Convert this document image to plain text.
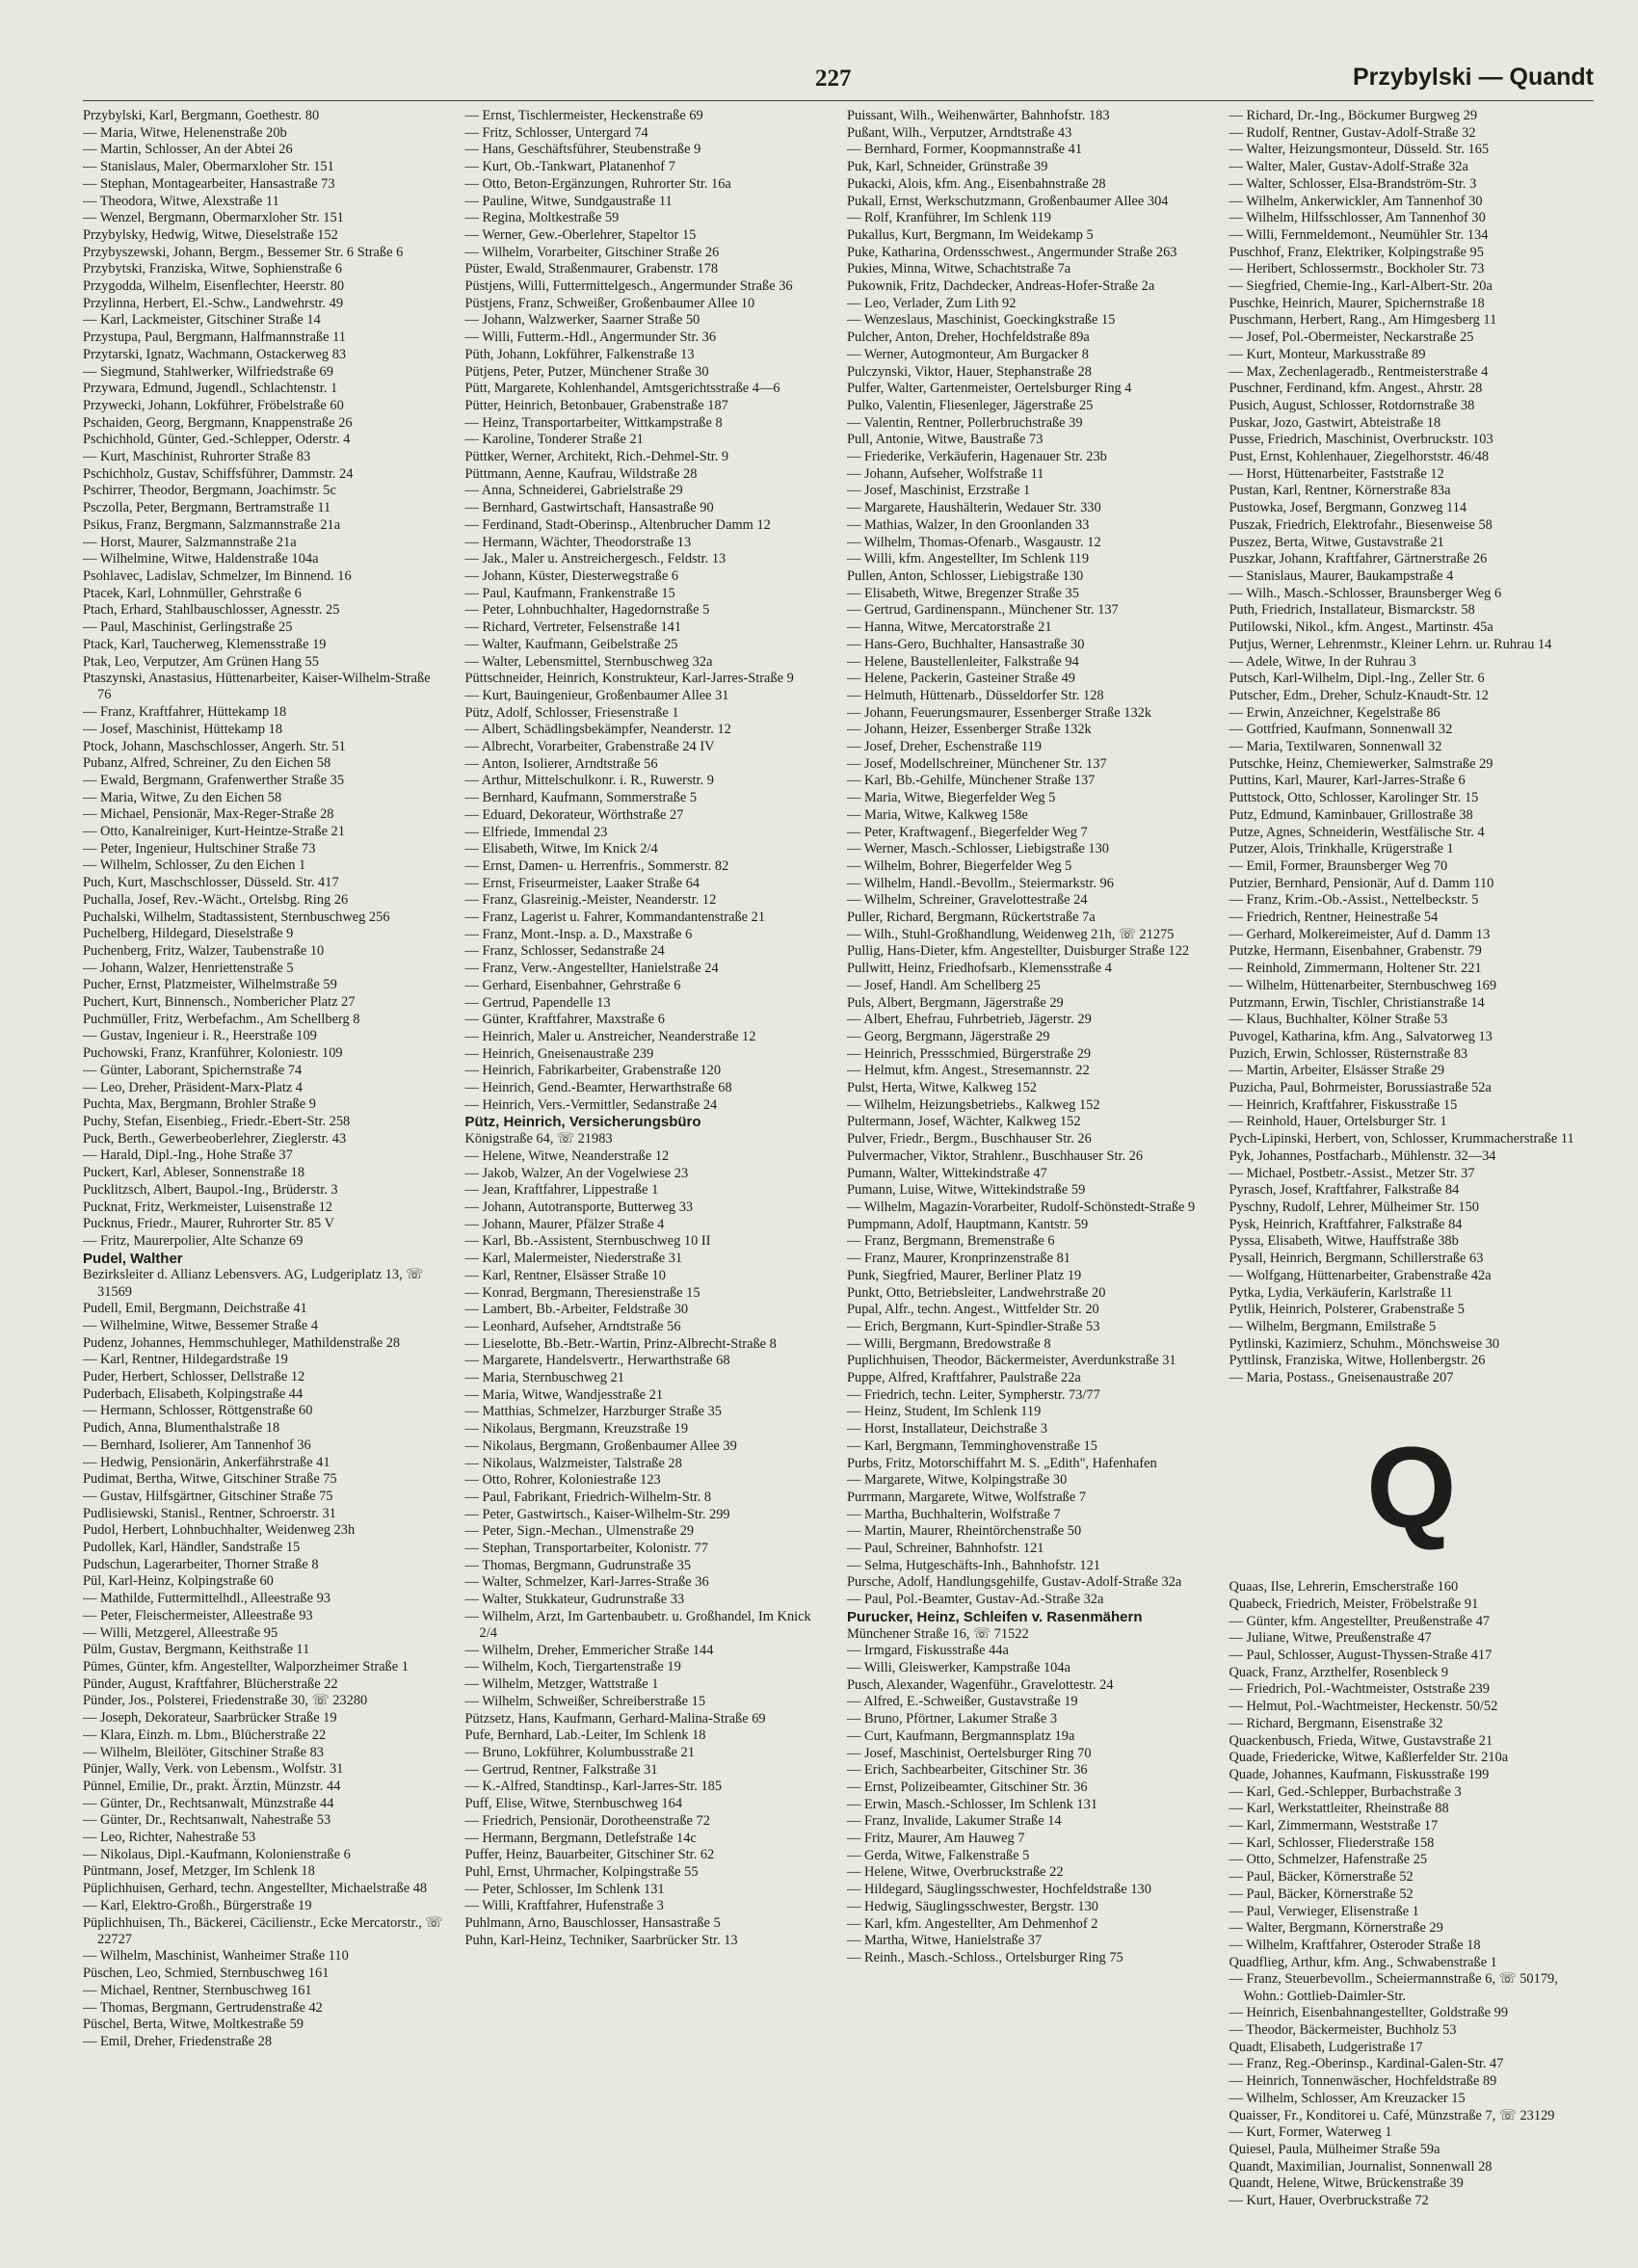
227	Przybylski — Quandt
Przybylski, Karl, Bergmann, Goethestr. 80
— Maria, Witwe, Helenenstraße 20b
— Martin, Schlosser, An der Abtei 26
— Stanislaus, Maler, Obermarxloher Str. 151
— Stephan, Montagearbeiter, Hansastraße 73
— Theodora, Witwe, Alexstraße 11
— Wenzel, Bergmann, Obermarxloher Str. 151
Przybylsky, Hedwig, Witwe, Dieselstraße 152
Przybyszewski, Johann, Bergm., Bessemer Str. 6 Straße 6
Przybytski, Franziska, Witwe, Sophienstraße 6
Przygodda, Wilhelm, Eisenflechter, Heerstr. 80
Przylinna, Herbert, El.-Schw., Landwehrstr. 49
— Karl, Lackmeister, Gitschiner Straße 14
Przystupa, Paul, Bergmann, Halfmannstraße 11
Przytarski, Ignatz, Wachmann, Ostackerweg 83
— Siegmund, Stahlwerker, Wilfriedstraße 69
Przywara, Edmund, Jugendl., Schlachtenstr. 1
Przywecki, Johann, Lokführer, Fröbelstraße 60
Pschaiden, Georg, Bergmann, Knappenstraße 26
Pschichhold, Günter, Ged.-Schlepper, Oderstr. 4
— Kurt, Maschinist, Ruhrorter Straße 83
Pschichholz, Gustav, Schiffsführer, Dammstr. 24
Pschirrer, Theodor, Bergmann, Joachimstr. 5c
Psczolla, Peter, Bergmann, Bertramstraße 11
Psikus, Franz, Bergmann, Salzmannstraße 21a
— Horst, Maurer, Salzmannstraße 21a
— Wilhelmine, Witwe, Haldenstraße 104a
Psohlavec, Ladislav, Schmelzer, Im Binnend. 16
Ptacek, Karl, Lohnmüller, Gehrstraße 6
Ptach, Erhard, Stahlbauschlosser, Agnesstr. 25
— Paul, Maschinist, Gerlingstraße 25
Ptack, Karl, Taucherweg, Klemensstraße 19
Ptak, Leo, Verputzer, Am Grünen Hang 55
Ptaszynski, Anastasius, Hüttenarbeiter, Kaiser-Wilhelm-Straße 76
— Franz, Kraftfahrer, Hüttekamp 18
— Josef, Maschinist, Hüttekamp 18
Ptock, Johann, Maschschlosser, Angerh. Str. 51
Pubanz, Alfred, Schreiner, Zu den Eichen 58
— Ewald, Bergmann, Grafenwerther Straße 35
— Maria, Witwe, Zu den Eichen 58
— Michael, Pensionär, Max-Reger-Straße 28
— Otto, Kanalreiniger, Kurt-Heintze-Straße 21
— Peter, Ingenieur, Hultschiner Straße 73
— Wilhelm, Schlosser, Zu den Eichen 1
Puch, Kurt, Maschschlosser, Düsseld. Str. 417
Puchalla, Josef, Rev.-Wächt., Ortelsbg. Ring 26
Puchalski, Wilhelm, Stadtassistent, Sternbuschweg 256
Puchelberg, Hildegard, Dieselstraße 9
Puchenberg, Fritz, Walzer, Taubenstraße 10
— Johann, Walzer, Henriettenstraße 5
Pucher, Ernst, Platzmeister, Wilhelmstraße 59
Puchert, Kurt, Binnensch., Nombericher Platz 27
Puchmüller, Fritz, Werbefachm., Am Schellberg 8
— Gustav, Ingenieur i. R., Heerstraße 109
Puchowski, Franz, Kranführer, Koloniestr. 109
— Günter, Laborant, Spichernstraße 74
— Leo, Dreher, Präsident-Marx-Platz 4
Puchta, Max, Bergmann, Brohler Straße 9
Puchy, Stefan, Eisenbieg., Friedr.-Ebert-Str. 258
Puck, Berth., Gewerbeoberlehrer, Zieglerstr. 43
— Harald, Dipl.-Ing., Hohe Straße 37
Puckert, Karl, Ableser, Sonnenstraße 18
Pucklitzsch, Albert, Baupol.-Ing., Brüderstr. 3
Pucknat, Fritz, Werkmeister, Luisenstraße 12
Pucknus, Friedr., Maurer, Ruhrorter Str. 85 V
— Fritz, Maurerpolier, Alte Schanze 69
Pudel, Walther
Bezirksleiter d. Allianz Lebensvers. AG, Ludgeriplatz 13, ☏ 31569
Pudell, Emil, Bergmann, Deichstraße 41
— Wilhelmine, Witwe, Bessemer Straße 4
Pudenz, Johannes, Hemmschuhleger, Mathildenstraße 28
— Karl, Rentner, Hildegardstraße 19
Puder, Herbert, Schlosser, Dellstraße 12
Puderbach, Elisabeth, Kolpingstraße 44
— Hermann, Schlosser, Röttgenstraße 60
Pudich, Anna, Blumenthalstraße 18
— Bernhard, Isolierer, Am Tannenhof 36
— Hedwig, Pensionärin, Ankerfährstraße 41
Pudimat, Bertha, Witwe, Gitschiner Straße 75
— Gustav, Hilfsgärtner, Gitschiner Straße 75
Pudlisiewski, Stanisl., Rentner, Schroerstr. 31
Pudol, Herbert, Lohnbuchhalter, Weidenweg 23h
Pudollek, Karl, Händler, Sandstraße 15
Pudschun, Lagerarbeiter, Thorner Straße 8
Pül, Karl-Heinz, Kolpingstraße 60
— Mathilde, Futtermittelhdl., Alleestraße 93
— Peter, Fleischermeister, Alleestraße 93
— Willi, Metzgerel, Alleestraße 95
Pülm, Gustav, Bergmann, Keithstraße 11
Pümes, Günter, kfm. Angestellter, Walporzheimer Straße 1
Pünder, August, Kraftfahrer, Blücherstraße 22
Pünder, Jos., Polsterei, Friedenstraße 30, ☏ 23280
— Joseph, Dekorateur, Saarbrücker Straße 19
— Klara, Einzh. m. Lbm., Blücherstraße 22
— Wilhelm, Bleilöter, Gitschiner Straße 83
Pünjer, Wally, Verk. von Lebensm., Wolfstr. 31
Pünnel, Emilie, Dr., prakt. Ärztin, Münzstr. 44
— Günter, Dr., Rechtsanwalt, Münzstraße 44
— Günter, Dr., Rechtsanwalt, Nahestraße 53
— Leo, Richter, Nahestraße 53
— Nikolaus, Dipl.-Kaufmann, Kolonienstraße 6
Püntmann, Josef, Metzger, Im Schlenk 18
Püplichhuisen, Gerhard, techn. Angestellter, Michaelstraße 48
— Karl, Elektro-Großh., Bürgerstraße 19
Püplichhuisen, Th., Bäckerei, Cäcilienstr., Ecke Mercatorstr., ☏ 22727
— Wilhelm, Maschinist, Wanheimer Straße 110
Püschen, Leo, Schmied, Sternbuschweg 161
— Michael, Rentner, Sternbuschweg 161
— Thomas, Bergmann, Gertrudenstraße 42
Püschel, Berta, Witwe, Moltkestraße 59
— Emil, Dreher, Friedenstraße 28
— Ernst, Tischlermeister, Heckenstraße 69
— Fritz, Schlosser, Untergard 74
— Hans, Geschäftsführer, Steubenstraße 9
— Kurt, Ob.-Tankwart, Platanenhof 7
— Otto, Beton-Ergänzungen, Ruhrorter Str. 16a
— Pauline, Witwe, Sundgaustraße 11
— Regina, Moltkestraße 59
— Werner, Gew.-Oberlehrer, Stapeltor 15
— Wilhelm, Vorarbeiter, Gitschiner Straße 26
Püster, Ewald, Straßenmaurer, Grabenstr. 178
Püstjens, Willi, Futtermittelgesch., Angermunder Straße 36
Püstjens, Franz, Schweißer, Großenbaumer Allee 10
— Johann, Walzwerker, Saarner Straße 50
— Willi, Futterm.-Hdl., Angermunder Str. 36
Püth, Johann, Lokführer, Falkenstraße 13
Pütjens, Peter, Putzer, Münchener Straße 30
Pütt, Margarete, Kohlenhandel, Amtsgerichtsstraße 4—6
Pütter, Heinrich, Betonbauer, Grabenstraße 187
— Heinz, Transportarbeiter, Wittkampstraße 8
— Karoline, Tonderer Straße 21
Püttker, Werner, Architekt, Rich.-Dehmel-Str. 9
Püttmann, Aenne, Kaufrau, Wildstraße 28
— Anna, Schneiderei, Gabrielstraße 29
— Bernhard, Gastwirtschaft, Hansastraße 90
— Ferdinand, Stadt-Oberinsp., Altenbrucher Damm 12
— Hermann, Wächter, Theodorstraße 13
— Jak., Maler u. Anstreichergesch., Feldstr. 13
— Johann, Küster, Diesterwegstraße 6
— Paul, Kaufmann, Frankenstraße 15
— Peter, Lohnbuchhalter, Hagedornstraße 5
— Richard, Vertreter, Felsenstraße 141
— Walter, Kaufmann, Geibelstraße 25
— Walter, Lebensmittel, Sternbuschweg 32a
Püttschneider, Heinrich, Konstrukteur, Karl-Jarres-Straße 9
— Kurt, Bauingenieur, Großenbaumer Allee 31
Pütz, Adolf, Schlosser, Friesenstraße 1
— Albert, Schädlingsbekämpfer, Neanderstr. 12
— Albrecht, Vorarbeiter, Grabenstraße 24 IV
— Anton, Isolierer, Arndtstraße 56
— Arthur, Mittelschulkonr. i. R., Ruwerstr. 9
— Bernhard, Kaufmann, Sommerstraße 5
— Eduard, Dekorateur, Wörthstraße 27
— Elfriede, Immendal 23
— Elisabeth, Witwe, Im Knick 2/4
— Ernst, Damen- u. Herrenfris., Sommerstr. 82
— Ernst, Friseurmeister, Laaker Straße 64
— Franz, Glasreinig.-Meister, Neanderstr. 12
— Franz, Lagerist u. Fahrer, Kommandantenstraße 21
— Franz, Mont.-Insp. a. D., Maxstraße 6
— Franz, Schlosser, Sedanstraße 24
— Franz, Verw.-Angestellter, Hanielstraße 24
— Gerhard, Eisenbahner, Gehrstraße 6
— Gertrud, Papendelle 13
— Günter, Kraftfahrer, Maxstraße 6
— Heinrich, Maler u. Anstreicher, Neanderstraße 12
— Heinrich, Gneisenaustraße 239
— Heinrich, Fabrikarbeiter, Grabenstraße 120
— Heinrich, Gend.-Beamter, Herwarthstraße 68
— Heinrich, Vers.-Vermittler, Sedanstraße 24
Pütz, Heinrich, Versicherungsbüro
Königstraße 64, ☏ 21983
— Helene, Witwe, Neanderstraße 12
— Jakob, Walzer, An der Vogelwiese 23
— Jean, Kraftfahrer, Lippestraße 1
— Johann, Autotransporte, Butterweg 33
— Johann, Maurer, Pfälzer Straße 4
— Karl, Bb.-Assistent, Sternbuschweg 10 II
— Karl, Malermeister, Niederstraße 31
— Karl, Rentner, Elsässer Straße 10
— Konrad, Bergmann, Theresienstraße 15
— Lambert, Bb.-Arbeiter, Feldstraße 30
— Leonhard, Aufseher, Arndtstraße 56
— Lieselotte, Bb.-Betr.-Wartin, Prinz-Albrecht-Straße 8
— Margarete, Handelsvertr., Herwarthstraße 68
— Maria, Sternbuschweg 21
— Maria, Witwe, Wandjesstraße 21
— Matthias, Schmelzer, Harzburger Straße 35
— Nikolaus, Bergmann, Kreuzstraße 19
— Nikolaus, Bergmann, Großenbaumer Allee 39
— Nikolaus, Walzmeister, Talstraße 28
— Otto, Rohrer, Koloniestraße 123
— Paul, Fabrikant, Friedrich-Wilhelm-Str. 8
— Peter, Gastwirtsch., Kaiser-Wilhelm-Str. 299
— Peter, Sign.-Mechan., Ulmenstraße 29
— Stephan, Transportarbeiter, Kolonistr. 77
— Thomas, Bergmann, Gudrunstraße 35
— Walter, Schmelzer, Karl-Jarres-Straße 36
— Walter, Stukkateur, Gudrunstraße 33
— Wilhelm, Arzt, Im Gartenbaubetr. u. Großhandel, Im Knick 2/4
— Wilhelm, Dreher, Emmericher Straße 144
— Wilhelm, Koch, Tiergartenstraße 19
— Wilhelm, Metzger, Wattstraße 1
— Wilhelm, Schweißer, Schreiberstraße 15
Pützsetz, Hans, Kaufmann, Gerhard-Malina-Straße 69
Pufe, Bernhard, Lab.-Leiter, Im Schlenk 18
— Bruno, Lokführer, Kolumbusstraße 21
— Gertrud, Rentner, Falkstraße 31
— K.-Alfred, Standtinsp., Karl-Jarres-Str. 185
Puff, Elise, Witwe, Sternbuschweg 164
— Friedrich, Pensionär, Dorotheenstraße 72
— Hermann, Bergmann, Detlefstraße 14c
Puffer, Heinz, Bauarbeiter, Gitschiner Str. 62
Puhl, Ernst, Uhrmacher, Kolpingstraße 55
— Peter, Schlosser, Im Schlenk 131
— Willi, Kraftfahrer, Hufenstraße 3
Puhlmann, Arno, Bauschlosser, Hansastraße 5
Puhn, Karl-Heinz, Techniker, Saarbrücker Str. 13
Puissant, Wilh., Weihenwärter, Bahnhofstr. 183
Pußant, Wilh., Verputzer, Arndtstraße 43
— Bernhard, Former, Koopmannstraße 41
Puk, Karl, Schneider, Grünstraße 39
Pukacki, Alois, kfm. Ang., Eisenbahnstraße 28
Pukall, Ernst, Werkschutzmann, Großenbaumer Allee 304
— Rolf, Kranführer, Im Schlenk 119
Pukallus, Kurt, Bergmann, Im Weidekamp 5
Puke, Katharina, Ordensschwest., Angermunder Straße 263
Pukies, Minna, Witwe, Schachtstraße 7a
Pukownik, Fritz, Dachdecker, Andreas-Hofer-Straße 2a
— Leo, Verlader, Zum Lith 92
— Wenzeslaus, Maschinist, Goeckingkstraße 15
Pulcher, Anton, Dreher, Hochfeldstraße 89a
— Werner, Autogmonteur, Am Burgacker 8
Pulczynski, Viktor, Hauer, Stephanstraße 28
Pulfer, Walter, Gartenmeister, Oertelsburger Ring 4
Pulko, Valentin, Fliesenleger, Jägerstraße 25
— Valentin, Rentner, Pollerbruchstraße 39
Pull, Antonie, Witwe, Baustraße 73
— Friederike, Verkäuferin, Hagenauer Str. 23b
— Johann, Aufseher, Wolfstraße 11
— Josef, Maschinist, Erzstraße 1
— Margarete, Haushälterin, Wedauer Str. 330
— Mathias, Walzer, In den Groonlanden 33
— Wilhelm, Thomas-Ofenarb., Wasgaustr. 12
— Willi, kfm. Angestellter, Im Schlenk 119
Pullen, Anton, Schlosser, Liebigstraße 130
— Elisabeth, Witwe, Bregenzer Straße 35
— Gertrud, Gardinenspann., Münchener Str. 137
— Hanna, Witwe, Mercatorstraße 21
— Hans-Gero, Buchhalter, Hansastraße 30
— Helene, Baustellenleiter, Falkstraße 94
— Helene, Packerin, Gasteiner Straße 49
— Helmuth, Hüttenarb., Düsseldorfer Str. 128
— Johann, Feuerungsmaurer, Essenberger Straße 132k
— Johann, Heizer, Essenberger Straße 132k
— Josef, Dreher, Eschenstraße 119
— Josef, Modellschreiner, Münchener Str. 137
— Karl, Bb.-Gehilfe, Münchener Straße 137
— Maria, Witwe, Biegerfelder Weg 5
— Maria, Witwe, Kalkweg 158e
— Peter, Kraftwagenf., Biegerfelder Weg 7
— Werner, Masch.-Schlosser, Liebigstraße 130
— Wilhelm, Bohrer, Biegerfelder Weg 5
— Wilhelm, Handl.-Bevollm., Steiermarkstr. 96
— Wilhelm, Schreiner, Gravelottestraße 24
Puller, Richard, Bergmann, Rückertstraße 7a
— Wilh., Stuhl-Großhandlung, Weidenweg 21h, ☏ 21275
Pullig, Hans-Dieter, kfm. Angestellter, Duisburger Straße 122
Pullwitt, Heinz, Friedhofsarb., Klemensstraße 4
— Josef, Handl. Am Schellberg 25
Puls, Albert, Bergmann, Jägerstraße 29
— Albert, Ehefrau, Fuhrbetrieb, Jägerstr. 29
— Georg, Bergmann, Jägerstraße 29
— Heinrich, Pressschmied, Bürgerstraße 29
— Helmut, kfm. Angest., Stresemannstr. 22
Pulst, Herta, Witwe, Kalkweg 152
— Wilhelm, Heizungsbetriebs., Kalkweg 152
Pultermann, Josef, Wächter, Kalkweg 152
Pulver, Friedr., Bergm., Buschhauser Str. 26
Pulvermacher, Viktor, Strahlenr., Buschhauser Str. 26
Pumann, Walter, Wittekindstraße 47
Pumann, Luise, Witwe, Wittekindstraße 59
— Wilhelm, Magazin-Vorarbeiter, Rudolf-Schönstedt-Straße 9
Pumpmann, Adolf, Hauptmann, Kantstr. 59
— Franz, Bergmann, Bremenstraße 6
— Franz, Maurer, Kronprinzenstraße 81
Punk, Siegfried, Maurer, Berliner Platz 19
Punkt, Otto, Betriebsleiter, Landwehrstraße 20
Pupal, Alfr., techn. Angest., Wittfelder Str. 20
— Erich, Bergmann, Kurt-Spindler-Straße 53
— Willi, Bergmann, Bredowstraße 8
Puplichhuisen, Theodor, Bäckermeister, Averdunkstraße 31
Puppe, Alfred, Kraftfahrer, Paulstraße 22a
— Friedrich, techn. Leiter, Sympherstr. 73/77
— Heinz, Student, Im Schlenk 119
— Horst, Installateur, Deichstraße 3
— Karl, Bergmann, Temminghovenstraße 15
Purbs, Fritz, Motorschiffahrt M. S. „Edith", Hafenhafen
— Margarete, Witwe, Kolpingstraße 30
Purrmann, Margarete, Witwe, Wolfstraße 7
— Martha, Buchhalterin, Wolfstraße 7
— Martin, Maurer, Rheintörchenstraße 50
— Paul, Schreiner, Bahnhofstr. 121
— Selma, Hutgeschäfts-Inh., Bahnhofstr. 121
Pursche, Adolf, Handlungsgehilfe, Gustav-Adolf-Straße 32a
— Paul, Pol.-Beamter, Gustav-Ad.-Straße 32a
Purucker, Heinz, Schleifen v. Rasenmähern
Münchener Straße 16, ☏ 71522
— Irmgard, Fiskusstraße 44a
— Willi, Gleiswerker, Kampstraße 104a
Pusch, Alexander, Wagenführ., Gravelottestr. 24
— Alfred, E.-Schweißer, Gustavstraße 19
— Bruno, Pförtner, Lakumer Straße 3
— Curt, Kaufmann, Bergmannsplatz 19a
— Josef, Maschinist, Oertelsburger Ring 70
— Erich, Sachbearbeiter, Gitschiner Str. 36
— Ernst, Polizeibeamter, Gitschiner Str. 36
— Erwin, Masch.-Schlosser, Im Schlenk 131
— Franz, Invalide, Lakumer Straße 14
— Fritz, Maurer, Am Hauweg 7
— Gerda, Witwe, Falkenstraße 5
— Helene, Witwe, Overbruckstraße 22
— Hildegard, Säuglingsschwester, Hochfeldstraße 130
— Hedwig, Säuglingsschwester, Bergstr. 130
— Karl, kfm. Angestellter, Am Dehmenhof 2
— Martha, Witwe, Hanielstraße 37
— Reinh., Masch.-Schloss., Ortelsburger Ring 75
— Richard, Dr.-Ing., Böckumer Burgweg 29
— Rudolf, Rentner, Gustav-Adolf-Straße 32
— Walter, Heizungsmonteur, Düsseld. Str. 165
— Walter, Maler, Gustav-Adolf-Straße 32a
— Walter, Schlosser, Elsa-Brandström-Str. 3
— Wilhelm, Ankerwickler, Am Tannenhof 30
— Wilhelm, Hilfsschlosser, Am Tannenhof 30
— Willi, Fernmeldemont., Neumühler Str. 134
Puschhof, Franz, Elektriker, Kolpingstraße 95
— Heribert, Schlossermstr., Bockholer Str. 73
— Siegfried, Chemie-Ing., Karl-Albert-Str. 20a
Puschke, Heinrich, Maurer, Spichernstraße 18
Puschmann, Herbert, Rang., Am Himgesberg 11
— Josef, Pol.-Obermeister, Neckarstraße 25
— Kurt, Monteur, Markusstraße 89
— Max, Zechenlageradb., Rentmeisterstraße 4
Puschner, Ferdinand, kfm. Angest., Ahrstr. 28
Pusich, August, Schlosser, Rotdornstraße 38
Puskar, Jozo, Gastwirt, Abteistraße 18
Pusse, Friedrich, Maschinist, Overbruckstr. 103
Pust, Ernst, Kohlenhauer, Ziegelhorststr. 46/48
— Horst, Hüttenarbeiter, Faststraße 12
Pustan, Karl, Rentner, Körnerstraße 83a
Pustowka, Josef, Bergmann, Gonzweg 114
Puszak, Friedrich, Elektrofahr., Biesenweise 58
Puszez, Berta, Witwe, Gustavstraße 21
Puszkar, Johann, Kraftfahrer, Gärtnerstraße 26
— Stanislaus, Maurer, Baukampstraße 4
— Wilh., Masch.-Schlosser, Braunsberger Weg 6
Puth, Friedrich, Installateur, Bismarckstr. 58
Putilowski, Nikol., kfm. Angest., Martinstr. 45a
Putjus, Werner, Lehrenmstr., Kleiner Lehrn. ur. Ruhrau 14
— Adele, Witwe, In der Ruhrau 3
Putsch, Karl-Wilhelm, Dipl.-Ing., Zeller Str. 6
Putscher, Edm., Dreher, Schulz-Knaudt-Str. 12
— Erwin, Anzeichner, Kegelstraße 86
— Gottfried, Kaufmann, Sonnenwall 32
— Maria, Textilwaren, Sonnenwall 32
Putschke, Heinz, Chemiewerker, Salmstraße 29
Puttins, Karl, Maurer, Karl-Jarres-Straße 6
Puttstock, Otto, Schlosser, Karolinger Str. 15
Putz, Edmund, Kaminbauer, Grillostraße 38
Putze, Agnes, Schneiderin, Westfälische Str. 4
Putzer, Alois, Trinkhalle, Krügerstraße 1
— Emil, Former, Braunsberger Weg 70
Putzier, Bernhard, Pensionär, Auf d. Damm 110
— Franz, Krim.-Ob.-Assist., Nettelbeckstr. 5
— Friedrich, Rentner, Heinestraße 54
— Gerhard, Molkereimeister, Auf d. Damm 13
Putzke, Hermann, Eisenbahner, Grabenstr. 79
— Reinhold, Zimmermann, Holtener Str. 221
— Wilhelm, Hüttenarbeiter, Sternbuschweg 169
Putzmann, Erwin, Tischler, Christianstraße 14
— Klaus, Buchhalter, Kölner Straße 53
Puvogel, Katharina, kfm. Ang., Salvatorweg 13
Puzich, Erwin, Schlosser, Rüsternstraße 83
— Martin, Arbeiter, Elsässer Straße 29
Puzicha, Paul, Bohrmeister, Borussiastraße 52a
— Heinrich, Kraftfahrer, Fiskusstraße 15
— Reinhold, Hauer, Ortelsburger Str. 1
Pych-Lipinski, Herbert, von, Schlosser, Krummacherstraße 11
Pyk, Johannes, Postfacharb., Mühlenstr. 32—34
— Michael, Postbetr.-Assist., Metzer Str. 37
Pyrasch, Josef, Kraftfahrer, Falkstraße 84
Pyschny, Rudolf, Lehrer, Mülheimer Str. 150
Pysk, Heinrich, Kraftfahrer, Falkstraße 84
Pyssa, Elisabeth, Witwe, Hauffstraße 38b
Pysall, Heinrich, Bergmann, Schillerstraße 63
— Wolfgang, Hüttenarbeiter, Grabenstraße 42a
Pytka, Lydia, Verkäuferin, Karlstraße 11
Pytlik, Heinrich, Polsterer, Grabenstraße 5
— Wilhelm, Bergmann, Emilstraße 5
Pytlinski, Kazimierz, Schuhm., Mönchsweise 30
Pyttlinsk, Franziska, Witwe, Hollenbergstr. 26
— Maria, Postass., Gneisenaustraße 207
Q
Quaas, Ilse, Lehrerin, Emscherstraße 160
Quabeck, Friedrich, Meister, Fröbelstraße 91
— Günter, kfm. Angestellter, Preußenstraße 47
— Juliane, Witwe, Preußenstraße 47
— Paul, Schlosser, August-Thyssen-Straße 417
Quack, Franz, Arzthelfer, Rosenbleck 9
— Friedrich, Pol.-Wachtmeister, Oststraße 239
— Helmut, Pol.-Wachtmeister, Heckenstr. 50/52
— Richard, Bergmann, Eisenstraße 32
Quackenbusch, Frieda, Witwe, Gustavstraße 21
Quade, Friedericke, Witwe, Kaßlerfelder Str. 210a
Quade, Johannes, Kaufmann, Fiskusstraße 199
— Karl, Ged.-Schlepper, Burbachstraße 3
— Karl, Werkstattleiter, Rheinstraße 88
— Karl, Zimmermann, Weststraße 17
— Karl, Schlosser, Fliederstraße 158
— Otto, Schmelzer, Hafenstraße 25
— Paul, Bäcker, Körnerstraße 52
— Paul, Bäcker, Körnerstraße 52
— Paul, Verwieger, Elisenstraße 1
— Walter, Bergmann, Körnerstraße 29
— Wilhelm, Kraftfahrer, Osteroder Straße 18
Quadflieg, Arthur, kfm. Ang., Schwabenstraße 1
— Franz, Steuerbevollm., Scheiermannstraße 6, ☏ 50179, Wohn.: Gottlieb-Daimler-Str.
— Heinrich, Eisenbahnangestellter, Goldstraße 99
— Theodor, Bäckermeister, Buchholz 53
Quadt, Elisabeth, Ludgeristraße 17
— Franz, Reg.-Oberinsp., Kardinal-Galen-Str. 47
— Heinrich, Tonnenwäscher, Hochfeldstraße 89
— Wilhelm, Schlosser, Am Kreuzacker 15
Quaisser, Fr., Konditorei u. Café, Münzstraße 7, ☏ 23129
— Kurt, Former, Waterweg 1
Quiesel, Paula, Mülheimer Straße 59a
Quandt, Maximilian, Journalist, Sonnenwall 28
Quandt, Helene, Witwe, Brückenstraße 39
— Kurt, Hauer, Overbruckstraße 72
